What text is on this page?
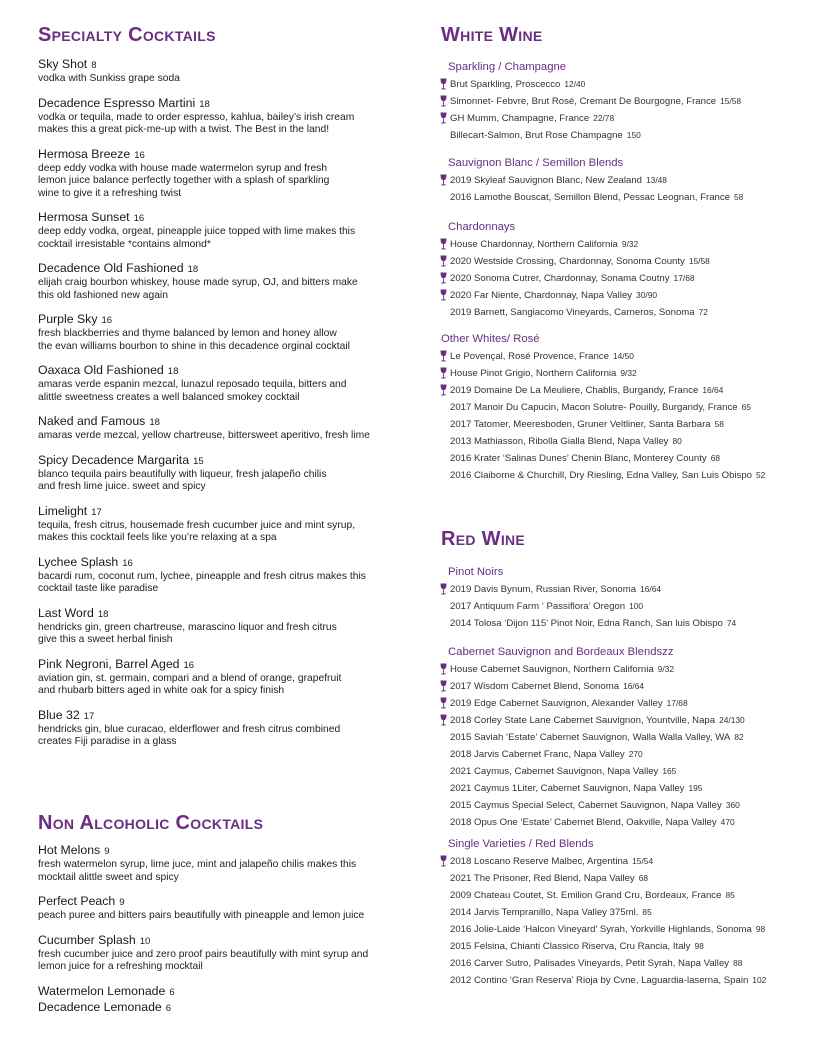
Specialty Cocktails
Sky Shot 8
vodka with Sunkiss grape soda
Decadence Espresso Martini 18
vodka or tequila, made to order espresso, kahlua, bailey’s irish cream
makes this a great pick-me-up with a twist. The Best in the land!
Hermosa Breeze 16
deep eddy vodka with house made watermelon syrup and fresh
lemon juice balance perfectly together with a splash of sparkling
wine to give it a refreshing twist
Hermosa Sunset 16
deep eddy vodka, orgeat, pineapple juice topped with lime makes this
cocktail irresistable *contains almond*
Decadence Old Fashioned 18
elijah craig bourbon whiskey, house made syrup, OJ, and bitters make
this old fashioned new again
Purple Sky 16
fresh blackberries and thyme balanced by lemon and honey allow
the evan williams bourbon to shine in this decadence orginal cocktail
Oaxaca Old Fashioned 18
amaras verde espanin mezcal, lunazul reposado tequila, bitters and
alittle sweetness creates a well balanced smokey cocktail
Naked and Famous 18
amaras verde mezcal, yellow chartreuse, bittersweet aperitivo, fresh lime
Spicy Decadence Margarita 15
blanco tequila pairs beautifully with liqueur, fresh jalapeño chilis
and fresh lime juice. sweet and spicy
Limelight 17
tequila, fresh citrus, housemade fresh cucumber juice and mint syrup,
makes this cocktail feels like you’re relaxing at a spa
Lychee Splash 16
bacardi rum, coconut rum, lychee, pineapple and fresh citrus makes this
cocktail taste like paradise
Last Word 18
hendricks gin, green chartreuse, marascino liquor and fresh citrus
give this a sweet herbal finish
Pink Negroni, Barrel Aged 16
aviation gin, st. germain, compari and a blend of orange, grapefruit
and rhubarb bitters aged in white oak for a spicy finish
Blue 32 17
hendricks gin, blue curacao, elderflower and fresh citrus combined
creates Fiji paradise in a glass
Non Alcoholic Cocktails
Hot Melons 9
fresh watermelon syrup, lime juce, mint and jalapeño chilis makes this
mocktail alittle sweet and spicy
Perfect Peach 9
peach puree and bitters pairs beautifully with pineapple and lemon juice
Cucumber Splash 10
fresh cucumber juice and zero proof pairs beautifully with mint syrup and
lemon juice for a refreshing mocktail
Watermelon Lemonade 6
Decadence Lemonade 6
White Wine
Sparkling / Champagne
Brut Sparkling, Proscecco 12/40
Simonnet- Febvre, Brut Rosé, Cremant De Bourgogne, France 15/58
GH Mumm, Champagne, France 22/78
Billecart-Salmon, Brut Rose Champagne 150
Sauvignon Blanc / Semillon Blends
2019 Skyleaf Sauvignon Blanc, New Zealand 13/48
2016 Lamothe Bouscat, Semillon Blend, Pessac Leognan, France 58
Chardonnays
House Chardonnay, Northern California 9/32
2020 Westside Crossing, Chardonnay, Sonoma County 15/58
2020 Sonoma Cutrer, Chardonnay, Sonama Coutny 17/68
2020 Far Niente, Chardonnay, Napa Valley 30/90
2019 Barnett, Sangiacomo Vineyards, Carneros, Sonoma 72
Other Whites/ Rosé
Le Povençal, Rosé Provence, France 14/50
House Pinot Grigio, Northern California 9/32
2019 Domaine De La Meuliere, Chablis, Burgandy, France 16/64
2017 Manoir Du Capucin, Macon Solutre- Pouilly, Burgandy, France 65
2017 Tatomer, Meeresboden, Gruner Veltliner, Santa Barbara 58
2013 Mathiasson, Ribolla Gialla Blend, Napa Valley 80
2016 Krater ‘Salinas Dunes’ Chenin Blanc, Monterey County 68
2016 Claiborne & Churchill, Dry Riesling, Edna Valley, San Luis Obispo 52
Red Wine
Pinot Noirs
2019 Davis Bynum, Russian River, Sonoma 16/64
2017 Antiquum Farm ‘ Passiflora’ Oregon 100
2014 Tolosa ‘Dijon 115’ Pinot Noir, Edna Ranch, San luis Obispo 74
Cabernet Sauvignon and Bordeaux Blendszz
House Cabernet Sauvignon, Northern California 9/32
2017 Wisdom Cabernet Blend, Sonoma 16/64
2019 Edge Cabernet Sauvignon, Alexander Valley 17/68
2018 Corley State Lane Cabernet Sauvignon, Yountville, Napa 24/130
2015 Saviah ‘Estate’ Cabernet Sauvignon, Walla Walla Valley, WA 82
2018 Jarvis Cabernet Franc, Napa Valley 270
2021 Caymus, Cabernet Sauvignon, Napa Valley 165
2021 Caymus 1Liter, Cabernet Sauvignon, Napa Valley 195
2015 Caymus Special Select, Cabernet Sauvignon, Napa Valley 360
2018 Opus One ‘Estate’ Cabernet Blend, Oakville, Napa Valley 470
Single Varieties / Red Blends
2018 Loscano Reserve Malbec, Argentina 15/54
2021 The Prisoner, Red Blend, Napa Valley 68
2009 Chateau Coutet, St. Emilion Grand Cru, Bordeaux, France 85
2014 Jarvis Tempranillo, Napa Valley 375ml. 85
2016 Jolie-Laide ‘Halcon Vineyard’ Syrah, Yorkville Highlands, Sonoma 98
2015 Felsina, Chianti Classico Riserva, Cru Rancia, Italy 98
2016 Carver Sutro, Palisades Vineyards, Petit Syrah, Napa Valley 88
2012 Contino ‘Gran Reserva’ Rioja by Cvne, Laguardia-laserna, Spain 102
